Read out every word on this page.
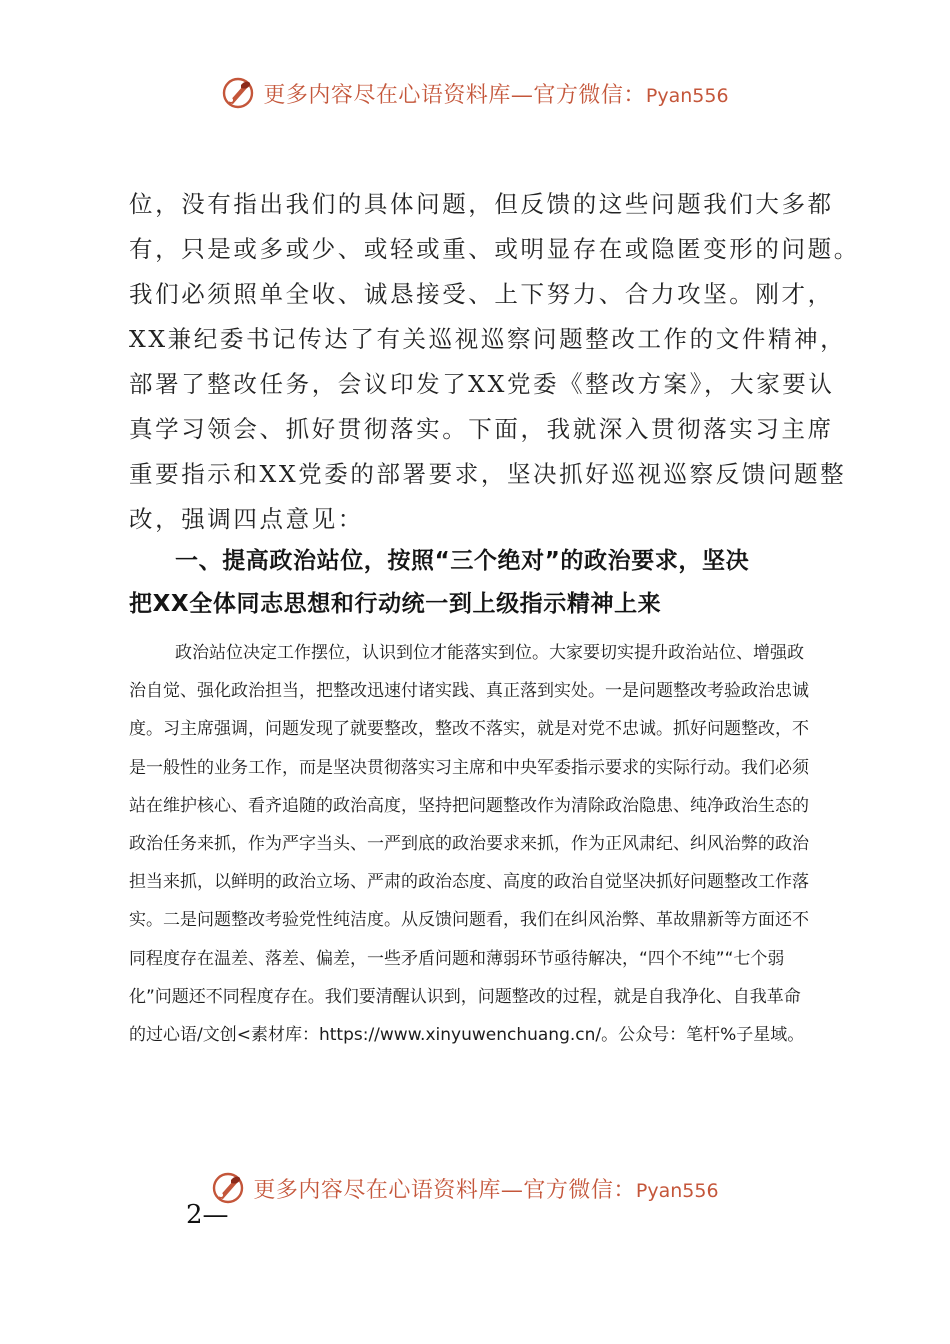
更多内容尽在心语资料库—官方微信：Pyan556
位，没有指出我们的具体问题，但反馈的这些问题我们大多都
有，只是或多或少、或轻或重、或明显存在或隐匿变形的问题。
我们必须照单全收、诚恳接受、上下努力、合力攻坚。刚才，
XX兼纪委书记传达了有关巡视巡察问题整改工作的文件精神，
部署了整改任务，会议印发了XX党委《整改方案》，大家要认
真学习领会、抓好贯彻落实。下面，我就深入贯彻落实习主席
重要指示和XX党委的部署要求，坚决抓好巡视巡察反馈问题整
改，强调四点意见：
一、提高政治站位，按照“三个绝对”的政治要求，坚决
把XX全体同志思想和行动统一到上级指示精神上来
政治站位决定工作摆位，认识到位才能落实到位。大家要切实提升政治站位、增强政
治自觉、强化政治担当，把整改迅速付诸实践、真正落到实处。一是问题整改考验政治忠诚
度。习主席强调，问题发现了就要整改，整改不落实，就是对党不忠诚。抓好问题整改，不
是一般性的业务工作，而是坚决贯彻落实习主席和中央军委指示要求的实际行动。我们必须
站在维护核心、看齐追随的政治高度，坚持把问题整改作为清除政治隐患、纯净政治生态的
政治任务来抓，作为严字当头、一严到底的政治要求来抓，作为正风肃纪、纠风治弊的政治
担当来抓，以鲜明的政治立场、严肃的政治态度、高度的政治自觉坚决抓好问题整改工作落
实。二是问题整改考验党性纯洁度。从反馈问题看，我们在纠风治弊、革故鼎新等方面还不
同程度存在温差、落差、偏差，一些矛盾问题和薄弱环节亟待解决，“四个不纯”“七个弱
化”问题还不同程度存在。我们要清醒认识到，问题整改的过程，就是自我净化、自我革命
的过心语/文创<素材库：https://www.xinyuwenchuang.cn/。公众号：笔杆%子星域。
更多内容尽在心语资料库—官方微信：Pyan556
2—
